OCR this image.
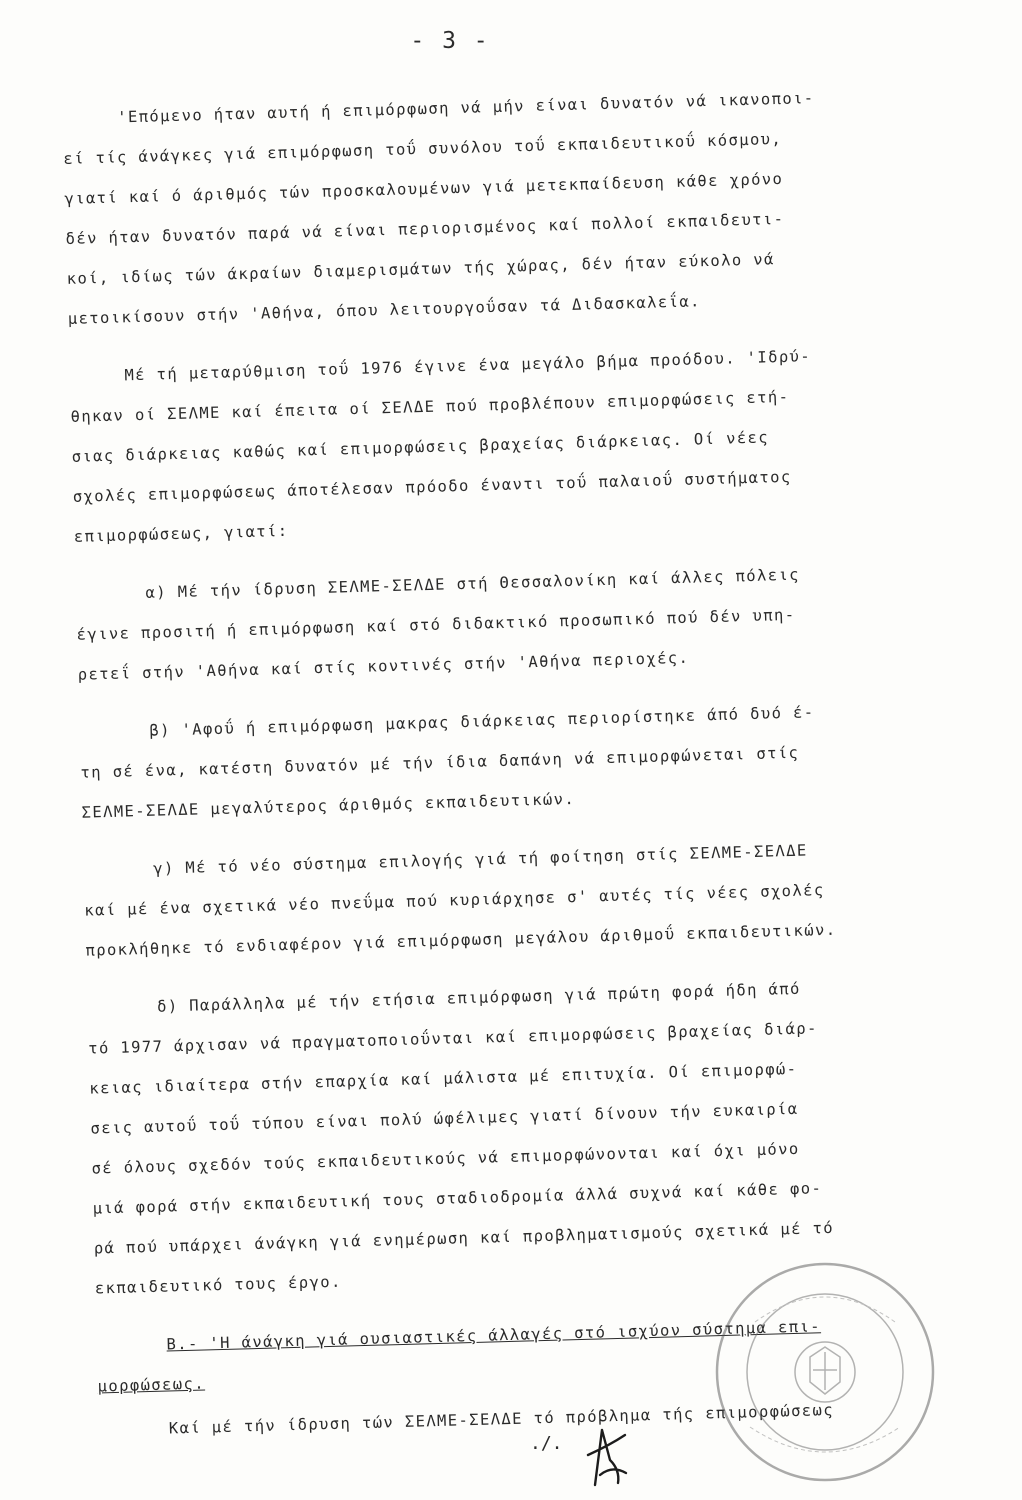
- 3 -
'Επόμενο ήταν αυτή ή επιμόρφωση νά μήν είναι δυνατόν νά ικανοποι-
εί τίς άνάγκες γιά επιμόρφωση τοΰ συνόλου τοΰ εκπαιδευτικοΰ κόσμου,
γιατί καί ό άριθμός τών προσκαλουμένων γιά μετεκπαίδευση κάθε χρόνο
δέν ήταν δυνατόν παρά νά είναι περιορισμένος καί πολλοί εκπαιδευτι-
κοί, ιδίως τών άκραίων διαμερισμάτων τής χώρας, δέν ήταν εύκολο νά
μετοικίσουν στήν 'Αθήνα, όπου λειτουργοΰσαν τά Διδασκαλεΐα.
Μέ τή μεταρύθμιση τοΰ 1976 έγινε ένα μεγάλο βήμα προόδου. 'Ιδρύ-
θηκαν οί ΣΕΛΜΕ καί έπειτα οί ΣΕΛΔΕ πού προβλέπουν επιμορφώσεις ετή-
σιας διάρκειας καθώς καί επιμορφώσεις βραχείας διάρκειας. Οί νέες
σχολές επιμορφώσεως άποτέλεσαν πρόοδο έναντι τοΰ παλαιοΰ συστήματος
επιμορφώσεως, γιατί:
α) Μέ τήν ίδρυση ΣΕΛΜΕ-ΣΕΛΔΕ στή Θεσσαλονίκη καί άλλες πόλεις
έγινε προσιτή ή επιμόρφωση καί στό διδακτικό προσωπικό πού δέν υπη-
ρετεΐ στήν 'Αθήνα καί στίς κοντινές στήν 'Αθήνα περιοχές.
β) 'Αφοΰ ή επιμόρφωση μακρας διάρκειας περιορίστηκε άπό δυό έ-
τη σέ ένα, κατέστη δυνατόν μέ τήν ίδια δαπάνη νά επιμορφώνεται στίς
ΣΕΛΜΕ-ΣΕΛΔΕ μεγαλύτερος άριθμός εκπαιδευτικών.
γ) Μέ τό νέο σύστημα επιλογής γιά τή φοίτηση στίς ΣΕΛΜΕ-ΣΕΛΔΕ
καί μέ ένα σχετικά νέο πνεΰμα πού κυριάρχησε σ' αυτές τίς νέες σχολές
προκλήθηκε τό ενδιαφέρον γιά επιμόρφωση μεγάλου άριθμοΰ εκπαιδευτικών.
δ) Παράλληλα μέ τήν ετήσια επιμόρφωση γιά πρώτη φορά ήδη άπό
τό 1977 άρχισαν νά πραγματοποιοΰνται καί επιμορφώσεις βραχείας διάρ-
κειας ιδιαίτερα στήν επαρχία καί μάλιστα μέ επιτυχία. Οί επιμορφώ-
σεις αυτοΰ τοΰ τύπου είναι πολύ ώφέλιμες γιατί δίνουν τήν ευκαιρία
σέ όλους σχεδόν τούς εκπαιδευτικούς νά επιμορφώνονται καί όχι μόνο
μιά φορά στήν εκπαιδευτική τους σταδιοδρομία άλλά συχνά καί κάθε φο-
ρά πού υπάρχει άνάγκη γιά ενημέρωση καί προβληματισμούς σχετικά μέ τό
εκπαιδευτικό τους έργο.
Β.- 'Η άνάγκη γιά ουσιαστικές άλλαγές στό ισχύον σύστημα επι-
μορφώσεως.
Καί μέ τήν ίδρυση τών ΣΕΛΜΕ-ΣΕΛΔΕ τό πρόβλημα τής επιμορφώσεως
./.
